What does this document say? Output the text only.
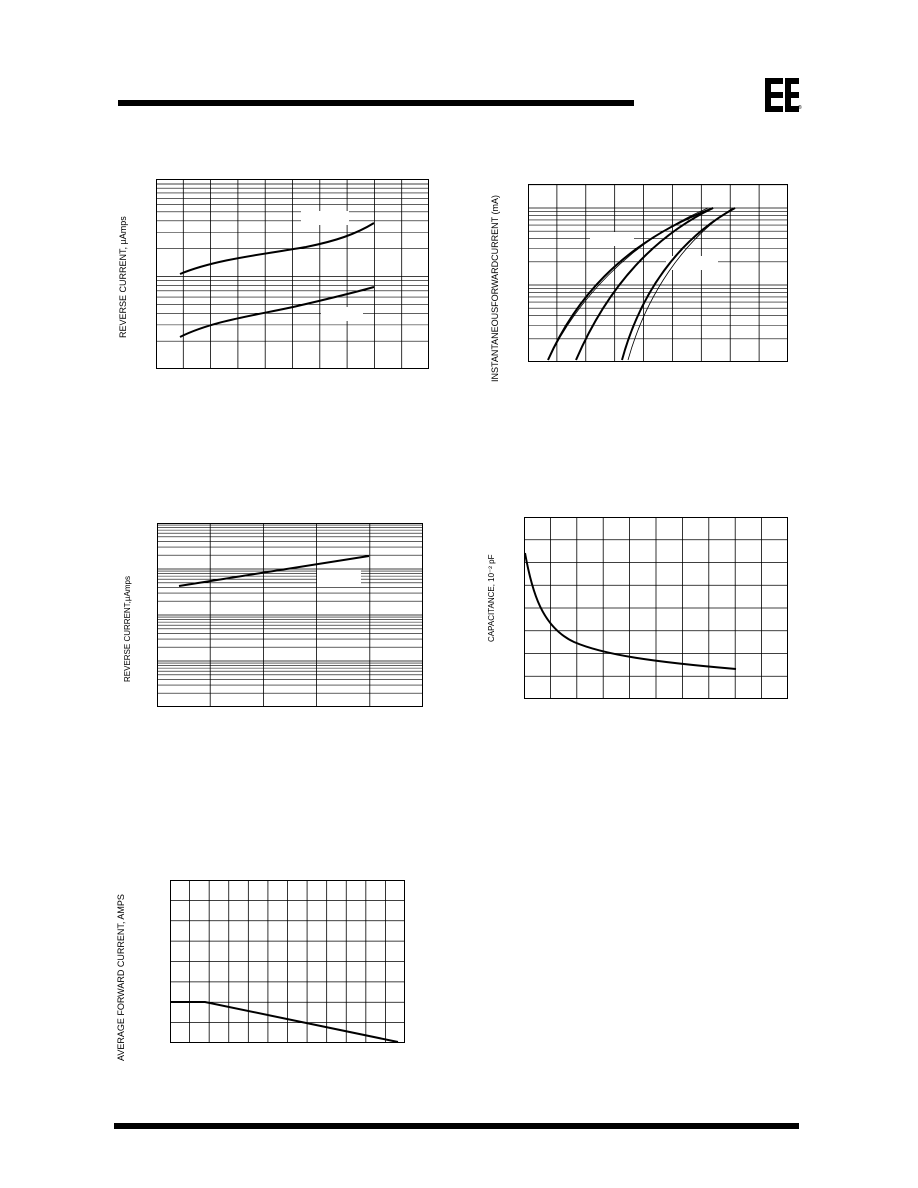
®
REVERSE CURRENT, µAmps	INSTANTANEOUSFORWARDCURRENT (mA)
REVERSE CURRENT,µAmps	CAPACITANCE, 10⁻² pF
AVERAGE FORWARD CURRENT, AMPS
